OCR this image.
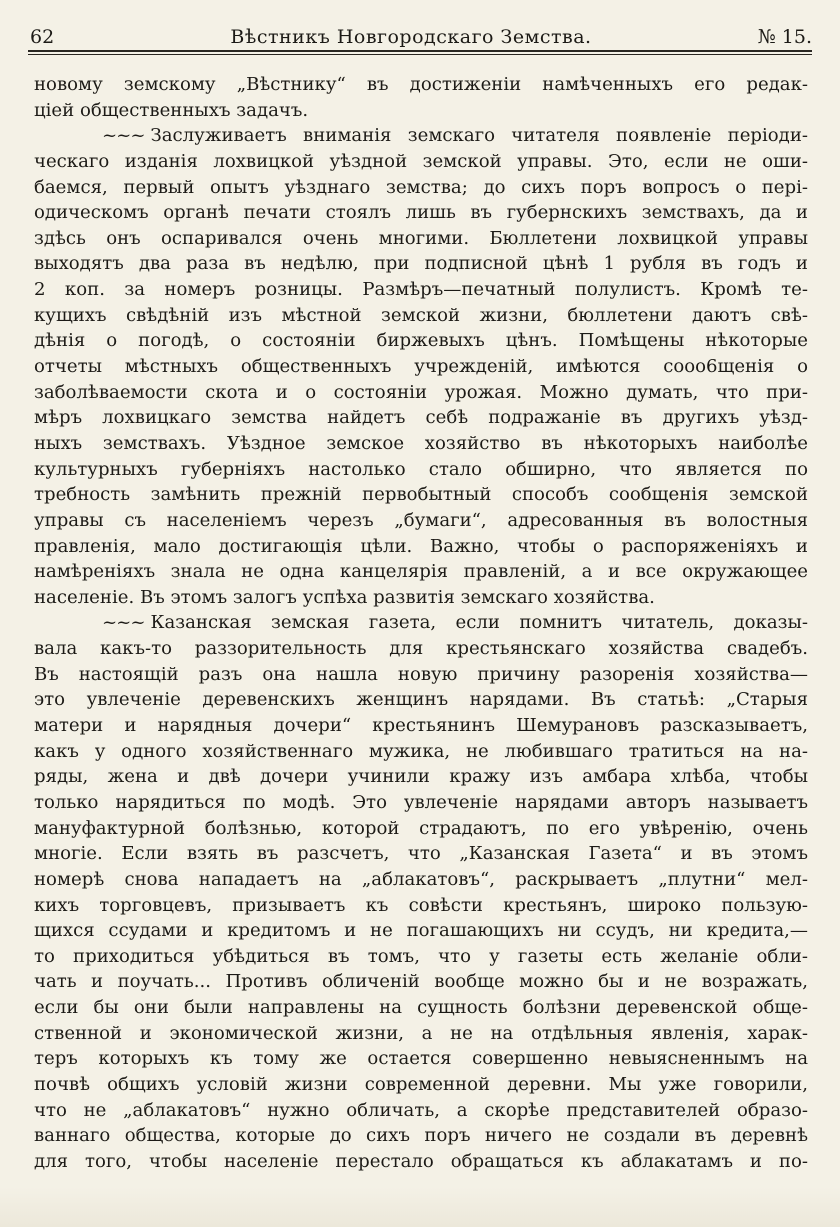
62	Вѣстникъ Новгородскаго Земства.	№ 15.
новому земскому „Вѣстнику“ въ достиженіи намѣченныхъ его редак-
ціей общественныхъ задачъ.
~~~ Заслуживаетъ вниманія земскаго читателя появленіе періоди-
ческаго изданія лохвицкой уѣздной земской управы. Это, если не оши-
баемся, первый опытъ уѣзднаго земства; до сихъ поръ вопросъ о пері-
одическомъ органѣ печати стоялъ лишь въ губернскихъ земствахъ, да и
здѣсь онъ оспаривался очень многими. Бюллетени лохвицкой управы
выходятъ два раза въ недѣлю, при подписной цѣнѣ 1 рубля въ годъ и
2 коп. за номеръ розницы. Размѣръ—печатный полулистъ. Кромѣ те-
кущихъ свѣдѣній изъ мѣстной земской жизни, бюллетени даютъ свѣ-
дѣнія о погодѣ, о состояніи биржевыхъ цѣнъ. Помѣщены нѣкоторые
отчеты мѣстныхъ общественныхъ учрежденій, имѣются сооо6щенія о
заболѣваемости скота и о состояніи урожая. Можно думать, что при-
мѣръ лохвицкаго земства найдетъ себѣ подражаніе въ другихъ уѣзд-
ныхъ земствахъ. Уѣздное земское хозяйство въ нѣкоторыхъ наиболѣе
культурныхъ губерніяхъ настолько стало обширно, что является по
требность замѣнить прежній первобытный способъ сообщенія земской
управы съ населеніемъ черезъ „бумаги“, адресованныя въ волостныя
правленія, мало достигающія цѣли. Важно, чтобы о распоряженіяхъ и
намѣреніяхъ знала не одна канцелярія правленій, а и все окружающее
населеніе. Въ этомъ залогъ успѣха развитія земскаго хозяйства.
~~~ Казанская земская газета, если помнитъ читатель, доказы-
вала какъ-то раззорительность для крестьянскаго хозяйства свадебъ.
Въ настоящій разъ она нашла новую причину разоренія хозяйства—
это увлеченіе деревенскихъ женщинъ нарядами. Въ статьѣ: „Старыя
матери и нарядныя дочери“ крестьянинъ Шемурановъ разсказываетъ,
какъ у одного хозяйственнаго мужика, не любившаго тратиться на на-
ряды, жена и двѣ дочери учинили кражу изъ амбара хлѣба, чтобы
только нарядиться по модѣ. Это увлеченіе нарядами авторъ называетъ
мануфактурной болѣзнью, которой страдаютъ, по его увѣренію, очень
многіе. Если взять въ разсчетъ, что „Казанская Газета“ и въ этомъ
номерѣ снова нападаетъ на „аблакатовъ“, раскрываетъ „плутни“ мел-
кихъ торговцевъ, призываетъ къ совѣсти крестьянъ, широко пользую-
щихся ссудами и кредитомъ и не погашающихъ ни ссудъ, ни кредита,—
то приходиться убѣдиться въ томъ, что у газеты есть желаніе обли-
чать и поучать... Противъ обличеній вообще можно бы и не возражать,
если бы они были направлены на сущность болѣзни деревенской обще-
ственной и экономической жизни, а не на отдѣльныя явленія, харак-
теръ которыхъ къ тому же остается совершенно невыясненнымъ на
почвѣ общихъ условій жизни современной деревни. Мы уже говорили,
что не „аблакатовъ“ нужно обличать, а скорѣе представителей образо-
ваннаго общества, которые до сихъ поръ ничего не создали въ деревнѣ
для того, чтобы населеніе перестало обращаться къ аблакатамъ и по-
